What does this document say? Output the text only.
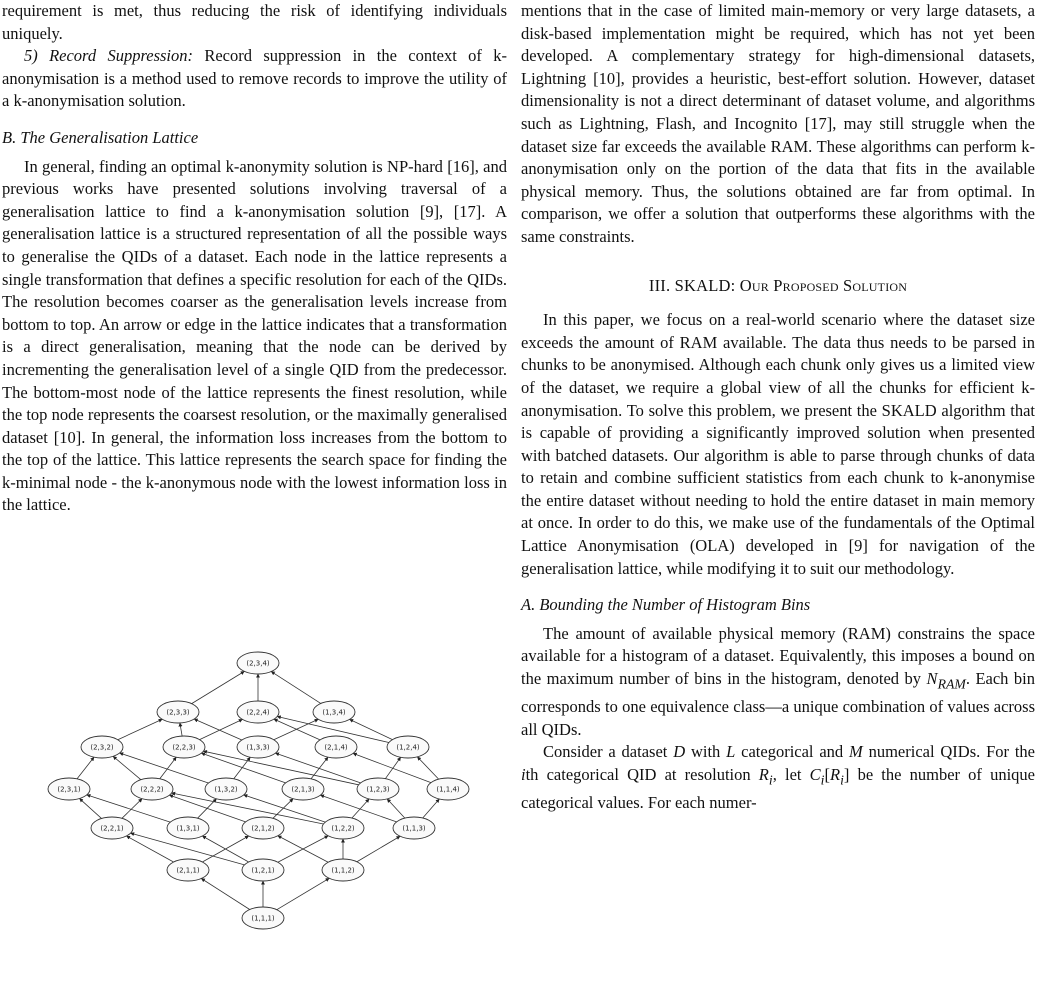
requirement is met, thus reducing the risk of identifying individuals uniquely.

5) Record Suppression: Record suppression in the context of k-anonymisation is a method used to remove records to improve the utility of a k-anonymisation solution.

B. The Generalisation Lattice

In general, finding an optimal k-anonymity solution is NP-hard [16], and previous works have presented solutions involving traversal of a generalisation lattice to find a k-anonymisation solution [9], [17]. A generalisation lattice is a structured representation of all the possible ways to generalise the QIDs of a dataset. Each node in the lattice represents a single transformation that defines a specific resolution for each of the QIDs. The resolution becomes coarser as the generalisation levels increase from bottom to top. An arrow or edge in the lattice indicates that a transformation is a direct generalisation, meaning that the node can be derived by incrementing the generalisation level of a single QID from the predecessor. The bottom-most node of the lattice represents the finest resolution, while the top node represents the coarsest resolution, or the maximally generalised dataset [10]. In general, the information loss increases from the bottom to the top of the lattice. This lattice represents the search space for finding the k-minimal node - the k-anonymous node with the lowest information loss in the lattice.

(2,3,4)
(2,3,3)	(2,2,4)	(1,3,4)
(2,3,2)	(2,2,3)	(1,3,3)	(2,1,4)	(1,2,4)
(2,3,1)	(2,2,2)	(1,3,2)	(2,1,3)	(1,2,3)	(1,1,4)
(2,2,1)	(1,3,1)	(2,1,2)	(1,2,2)	(1,1,3)
(2,1,1)	(1,2,1)	(1,1,2)
(1,1,1)

mentions that in the case of limited main-memory or very large datasets, a disk-based implementation might be required, which has not yet been developed. A complementary strategy for high-dimensional datasets, Lightning [10], provides a heuristic, best-effort solution. However, dataset dimensionality is not a direct determinant of dataset volume, and algorithms such as Lightning, Flash, and Incognito [17], may still struggle when the dataset size far exceeds the available RAM. These algorithms can perform k-anonymisation only on the portion of the data that fits in the available physical memory. Thus, the solutions obtained are far from optimal. In comparison, we offer a solution that outperforms these algorithms with the same constraints.

III. SKALD: Our Proposed Solution

In this paper, we focus on a real-world scenario where the dataset size exceeds the amount of RAM available. The data thus needs to be parsed in chunks to be anonymised. Although each chunk only gives us a limited view of the dataset, we require a global view of all the chunks for efficient k-anonymisation. To solve this problem, we present the SKALD algorithm that is capable of providing a significantly improved solution when presented with batched datasets. Our algorithm is able to parse through chunks of data to retain and combine sufficient statistics from each chunk to k-anonymise the entire dataset without needing to hold the entire dataset in main memory at once. In order to do this, we make use of the fundamentals of the Optimal Lattice Anonymisation (OLA) developed in [9] for navigation of the generalisation lattice, while modifying it to suit our methodology.

A. Bounding the Number of Histogram Bins

The amount of available physical memory (RAM) constrains the space available for a histogram of a dataset. Equivalently, this imposes a bound on the maximum number of bins in the histogram, denoted by $N_{RAM}$. Each bin corresponds to one equivalence class—a unique combination of values across all QIDs.

Consider a dataset D with L categorical and M numerical QIDs. For the ith categorical QID at resolution $R_i$, let $C_i[R_i]$ be the number of unique categorical values. For each numer-
